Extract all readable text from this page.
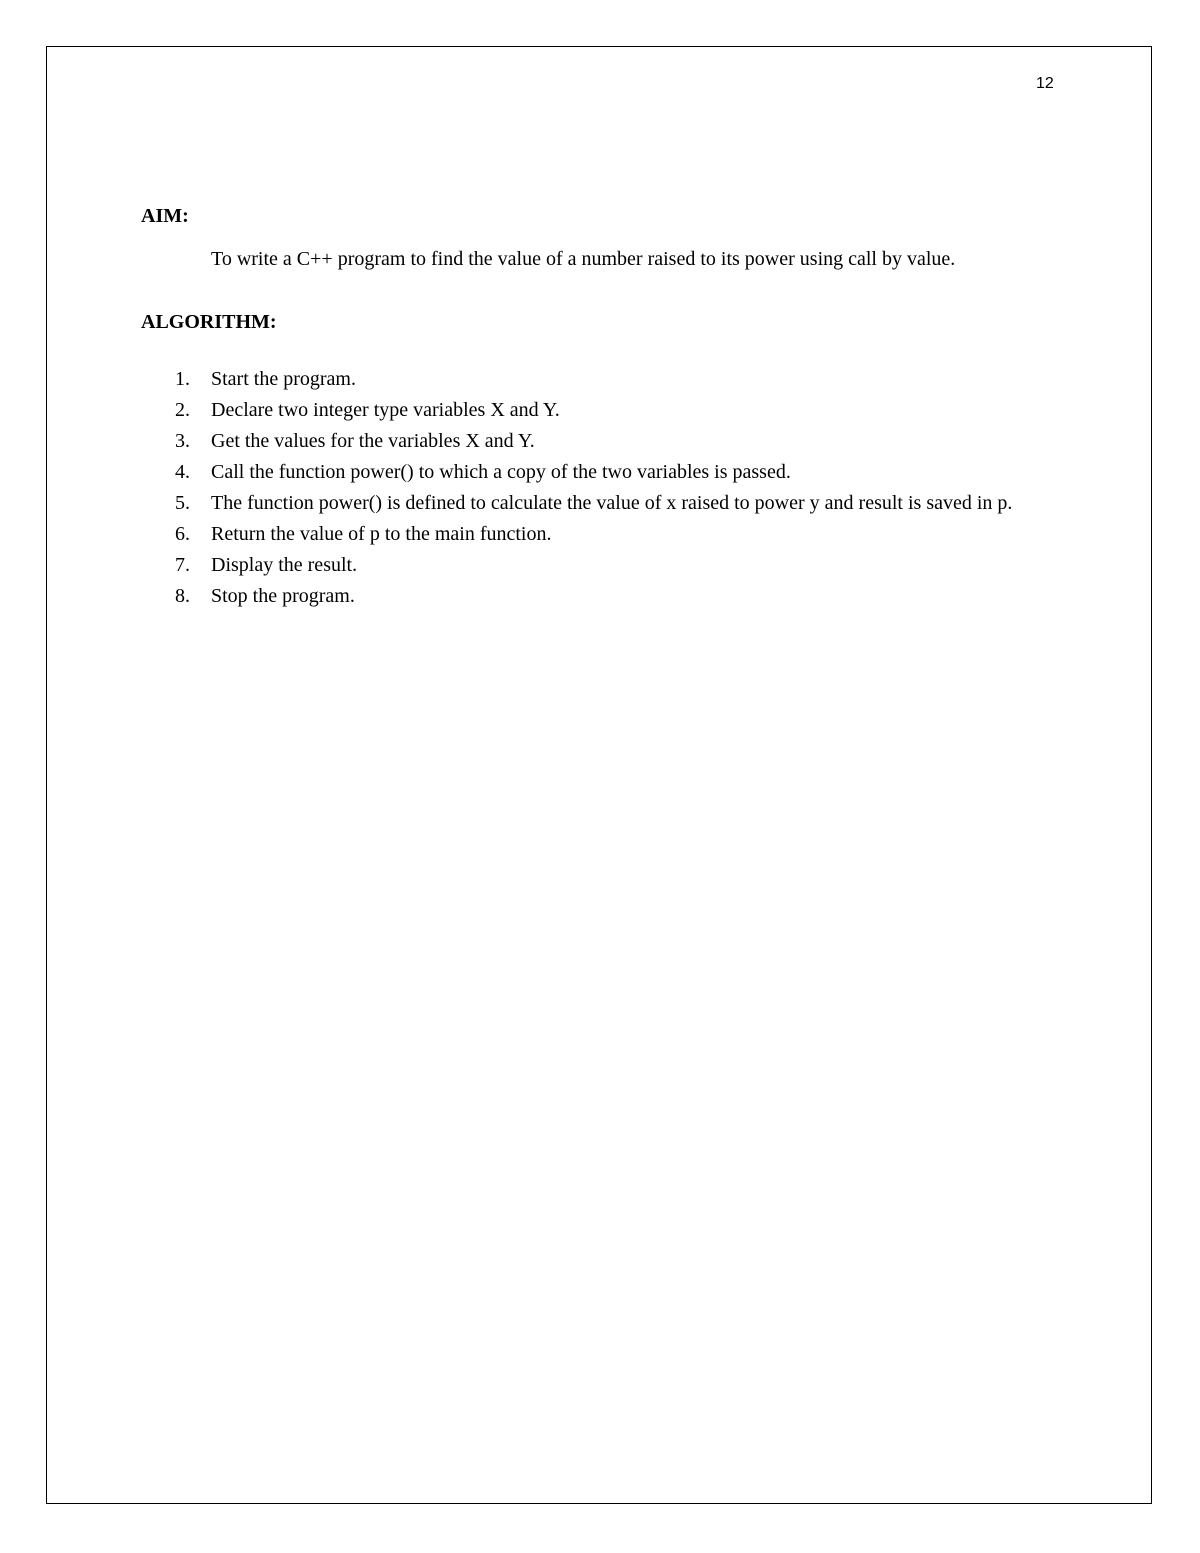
12
AIM:

To write a C++ program to find the value of a number raised to its power using call by value.

ALGORITHM:
1. Start the program.
2. Declare two integer type variables X and Y.
3. Get the values for the variables X and Y.
4. Call the function power() to which a copy of the two variables is passed.
5. The function power() is defined to calculate the value of x raised to power y and result is saved in p.
6. Return the value of p to the main function.
7. Display the result.
8. Stop the program.
